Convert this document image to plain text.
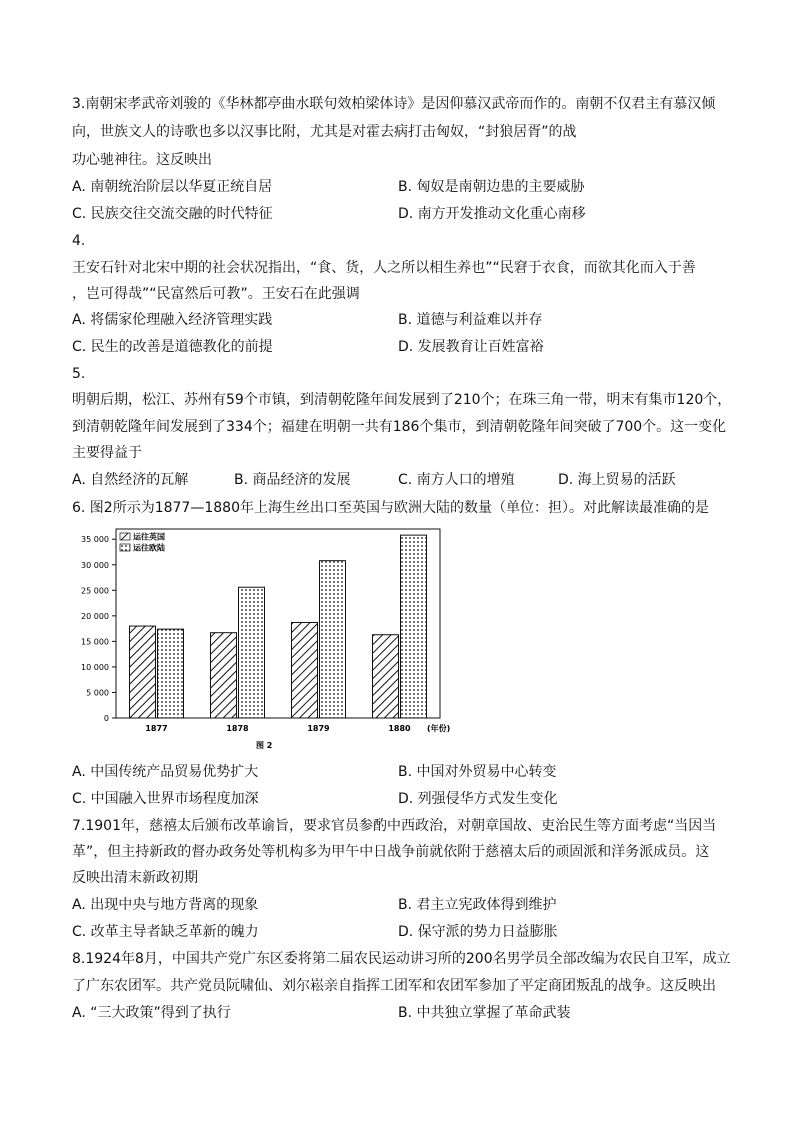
3.南朝宋孝武帝刘骏的《华林都亭曲水联句效柏梁体诗》是因仰慕汉武帝而作的。南朝不仅君主有慕汉倾
向，世族文人的诗歌也多以汉事比附，尤其是对霍去病打击匈奴，“封狼居胥”的战
功心驰神往。这反映出
A. 南朝统治阶层以华夏正统自居	B. 匈奴是南朝边患的主要威胁
C. 民族交往交流交融的时代特征	D. 南方开发推动文化重心南移
4.
王安石针对北宋中期的社会状况指出，“食、货，人之所以相生养也”“民窘于衣食，而欲其化而入于善
，岂可得哉”“民富然后可教”。王安石在此强调
A. 将儒家伦理融入经济管理实践	B. 道德与利益难以并存
C. 民生的改善是道德教化的前提	D. 发展教育让百姓富裕
5.
明朝后期，松江、苏州有59个市镇，到清朝乾隆年间发展到了210个；在珠三角一带，明末有集市120个，
到清朝乾隆年间发展到了334个；福建在明朝一共有186个集市，到清朝乾隆年间突破了700个。这一变化
主要得益于
A. 自然经济的瓦解	B. 商品经济的发展	C. 南方人口的增殖	D. 海上贸易的活跃
6. 图2所示为1877—1880年上海生丝出口至英国与欧洲大陆的数量（单位：担）。对此解读最准确的是
0
5 000
10 000
15 000
20 000
25 000
30 000
35 000
1877	1878	1879	1880
运往英国
运往欧陆
(年份)
图 2
A. 中国传统产品贸易优势扩大	B. 中国对外贸易中心转变
C. 中国融入世界市场程度加深	D. 列强侵华方式发生变化
7.1901年，慈禧太后颁布改革谕旨，要求官员参酌中西政治，对朝章国故、吏治民生等方面考虑“当因当
革”，但主持新政的督办政务处等机构多为甲午中日战争前就依附于慈禧太后的顽固派和洋务派成员。这
反映出清末新政初期
A. 出现中央与地方背离的现象	B. 君主立宪政体得到维护
C. 改革主导者缺乏革新的魄力	D. 保守派的势力日益膨胀
8.1924年8月，中国共产党广东区委将第二届农民运动讲习所的200名男学员全部改编为农民自卫军，成立
了广东农团军。共产党员阮啸仙、刘尔崧亲自指挥工团军和农团军参加了平定商团叛乱的战争。这反映出
A. “三大政策”得到了执行	B. 中共独立掌握了革命武装
